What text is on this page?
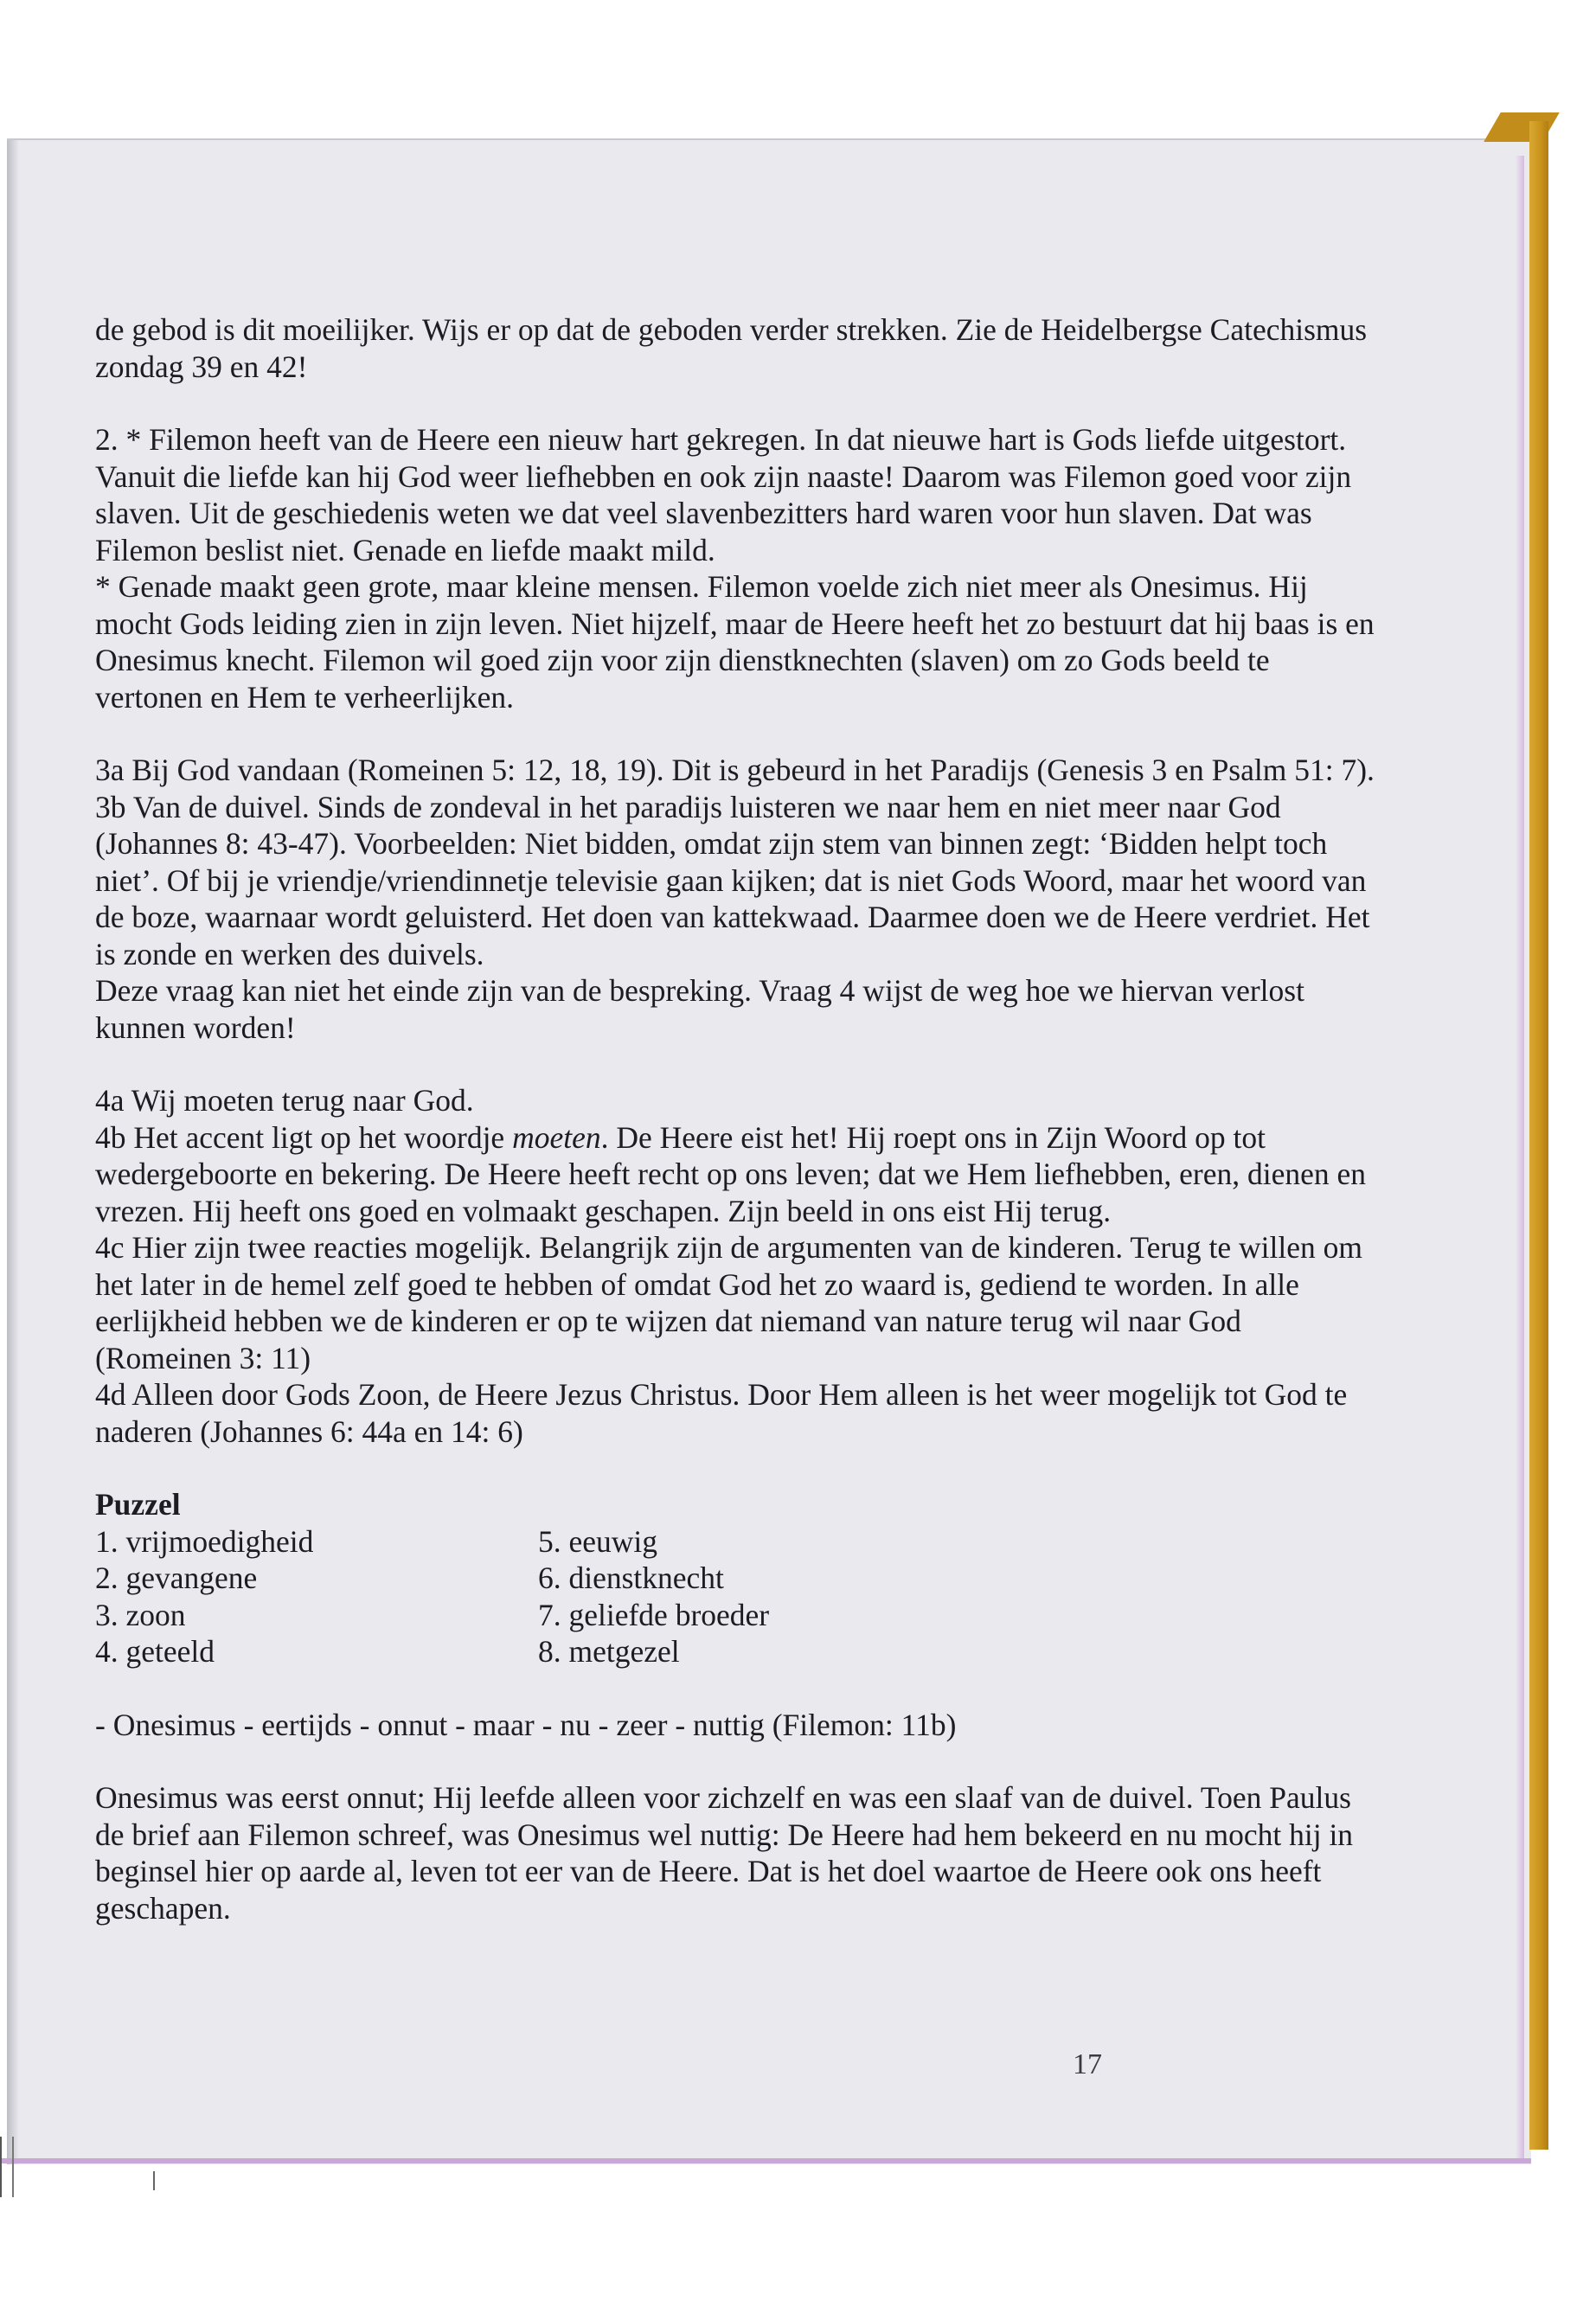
de gebod is dit moeilijker. Wijs er op dat de geboden verder strekken. Zie de Heidelbergse Catechismus zondag 39 en 42!

2. * Filemon heeft van de Heere een nieuw hart gekregen. In dat nieuwe hart is Gods liefde uitgestort. Vanuit die liefde kan hij God weer liefhebben en ook zijn naaste! Daarom was Filemon goed voor zijn slaven. Uit de geschiedenis weten we dat veel slavenbezitters hard waren voor hun slaven. Dat was Filemon beslist niet. Genade en liefde maakt mild.

* Genade maakt geen grote, maar kleine mensen. Filemon voelde zich niet meer als Onesimus. Hij mocht Gods leiding zien in zijn leven. Niet hijzelf, maar de Heere heeft het zo bestuurt dat hij baas is en Onesimus knecht. Filemon wil goed zijn voor zijn dienstknechten (slaven) om zo Gods beeld te vertonen en Hem te verheerlijken.

3a Bij God vandaan (Romeinen 5: 12, 18, 19). Dit is gebeurd in het Paradijs (Genesis 3 en Psalm 51: 7).

3b Van de duivel. Sinds de zondeval in het paradijs luisteren we naar hem en niet meer naar God (Johannes 8: 43-47). Voorbeelden: Niet bidden, omdat zijn stem van binnen zegt: ‘Bidden helpt toch niet’. Of bij je vriendje/vriendinnetje televisie gaan kijken; dat is niet Gods Woord, maar het woord van de boze, waarnaar wordt geluisterd. Het doen van kattekwaad. Daarmee doen we de Heere verdriet. Het is zonde en werken des duivels.

Deze vraag kan niet het einde zijn van de bespreking. Vraag 4 wijst de weg hoe we hiervan verlost kunnen worden!

4a Wij moeten terug naar God.

4b Het accent ligt op het woordje moeten. De Heere eist het! Hij roept ons in Zijn Woord op tot wedergeboorte en bekering. De Heere heeft recht op ons leven; dat we Hem liefhebben, eren, dienen en vrezen. Hij heeft ons goed en volmaakt geschapen. Zijn beeld in ons eist Hij terug.

4c Hier zijn twee reacties mogelijk. Belangrijk zijn de argumenten van de kinderen. Terug te willen om het later in de hemel zelf goed te hebben of omdat God het zo waard is, gediend te worden. In alle eerlijkheid hebben we de kinderen er op te wijzen dat niemand van nature terug wil naar God (Romeinen 3: 11)

4d Alleen door Gods Zoon, de Heere Jezus Christus. Door Hem alleen is het weer mogelijk tot God te naderen (Johannes 6: 44a en 14: 6)

Puzzel

1. vrijmoedigheid	5. eeuwig
2. gevangene	6. dienstknecht
3. zoon	7. geliefde broeder
4. geteeld	8. metgezel

- Onesimus - eertijds - onnut - maar - nu - zeer - nuttig (Filemon: 11b)

Onesimus was eerst onnut; Hij leefde alleen voor zichzelf en was een slaaf van de duivel. Toen Paulus de brief aan Filemon schreef, was Onesimus wel nuttig: De Heere had hem bekeerd en nu mocht hij in beginsel hier op aarde al, leven tot eer van de Heere. Dat is het doel waartoe de Heere ook ons heeft geschapen.

17
